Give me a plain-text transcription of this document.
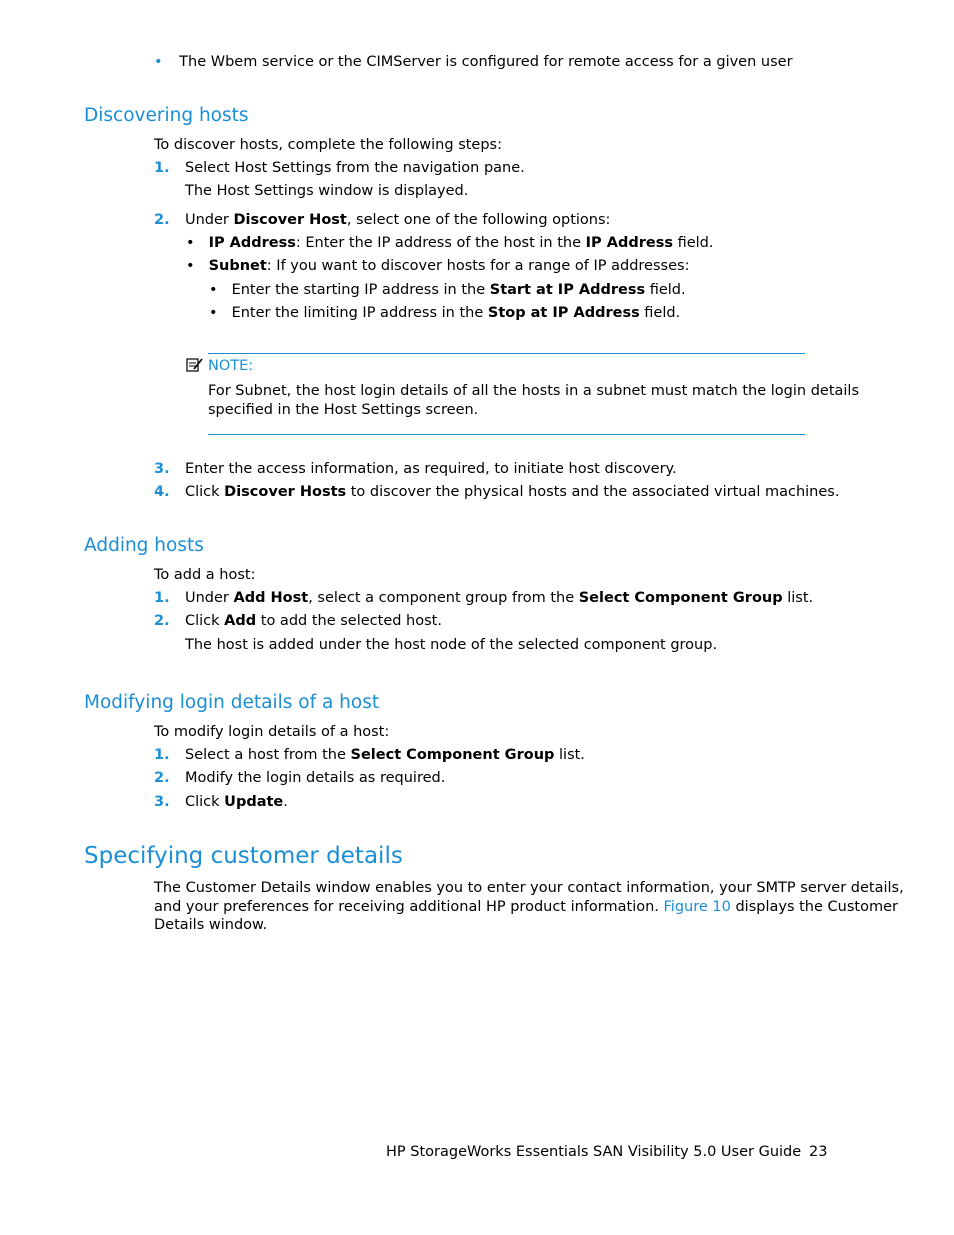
• The Wbem service or the CIMServer is configured for remote access for a given user
Discovering hosts
To discover hosts, complete the following steps:
1. Select Host Settings from the navigation pane.
The Host Settings window is displayed.
2. Under Discover Host, select one of the following options:
• IP Address: Enter the IP address of the host in the IP Address field.
• Subnet: If you want to discover hosts for a range of IP addresses:
• Enter the starting IP address in the Start at IP Address field.
• Enter the limiting IP address in the Stop at IP Address field.
NOTE:
For Subnet, the host login details of all the hosts in a subnet must match the login details
specified in the Host Settings screen.
3. Enter the access information, as required, to initiate host discovery.
4. Click Discover Hosts to discover the physical hosts and the associated virtual machines.
Adding hosts
To add a host:
1. Under Add Host, select a component group from the Select Component Group list.
2. Click Add to add the selected host.
The host is added under the host node of the selected component group.
Modifying login details of a host
To modify login details of a host:
1. Select a host from the Select Component Group list.
2. Modify the login details as required.
3. Click Update.
Specifying customer details
The Customer Details window enables you to enter your contact information, your SMTP server details,
and your preferences for receiving additional HP product information. Figure 10 displays the Customer
Details window.
HP StorageWorks Essentials SAN Visibility 5.0 User Guide 23
